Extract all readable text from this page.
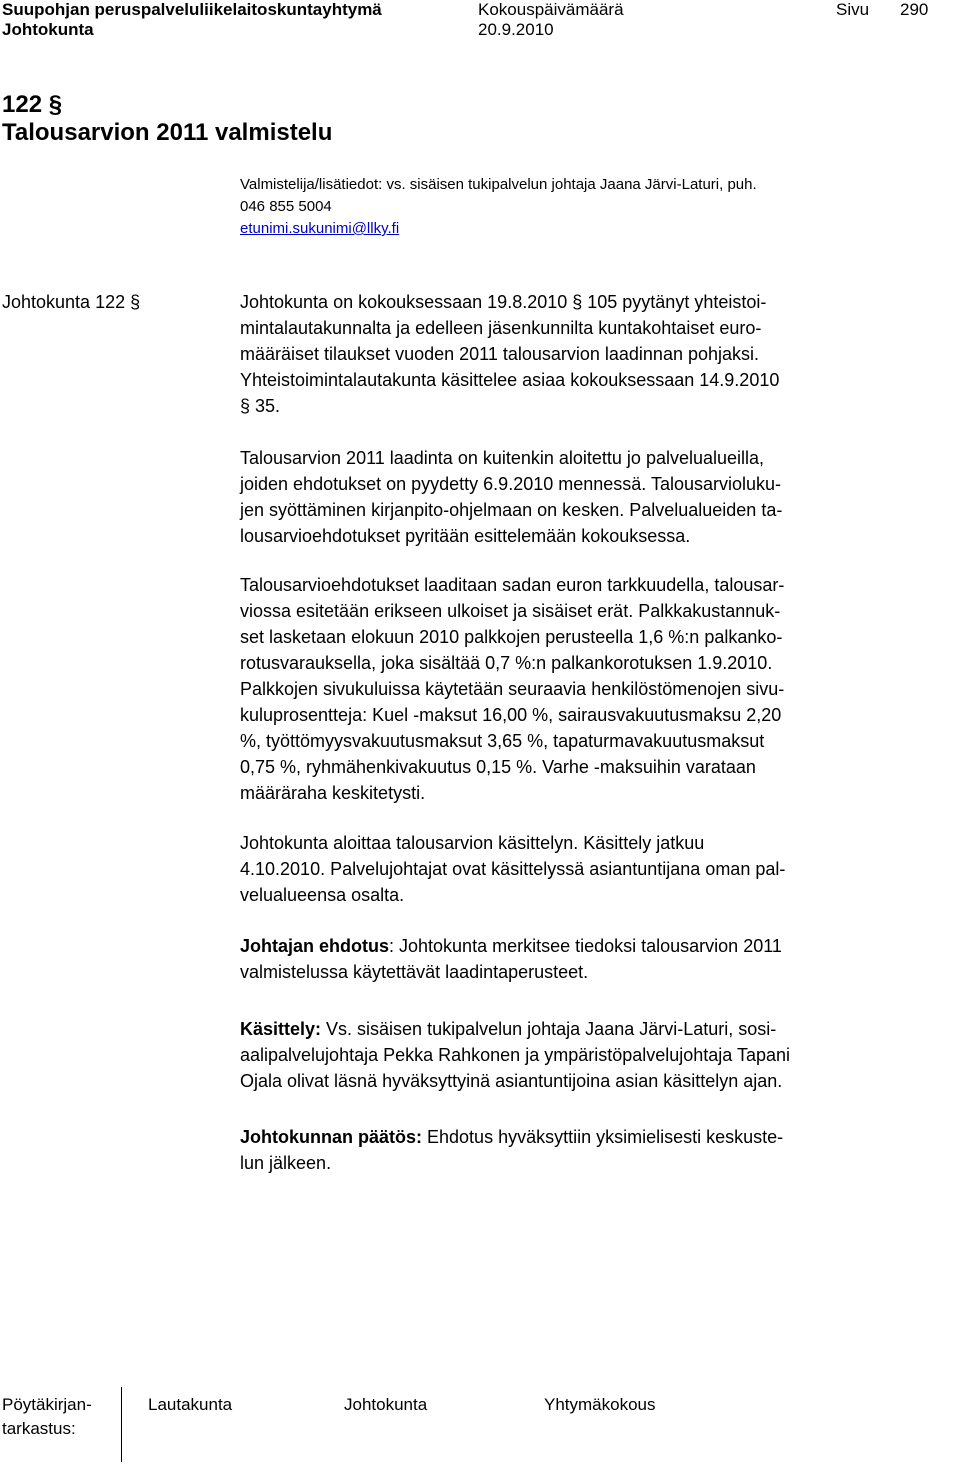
Suupohjan peruspalveluliikelaitoskuntayhtymä	Kokouspäivämäärä	Sivu 290
Johtokunta	20.9.2010
122 §
Talousarvion 2011 valmistelu
Valmistelija/lisätiedot: vs. sisäisen tukipalvelun johtaja Jaana Järvi-Laturi, puh.
046 855 5004
etunimi.sukunimi@llky.fi
Johtokunta 122 §	Johtokunta on kokouksessaan 19.8.2010 § 105 pyytänyt yhteistoi-
mintalautakunnalta ja edelleen jäsenkunnilta kuntakohtaiset euro-
määräiset tilaukset vuoden 2011 talousarvion laadinnan pohjaksi.
Yhteistoimintalautakunta käsittelee asiaa kokouksessaan 14.9.2010
§ 35.
Talousarvion 2011 laadinta on kuitenkin aloitettu jo palvelualueilla,
joiden ehdotukset on pyydetty 6.9.2010 mennessä. Talousarvioluku-
jen syöttäminen kirjanpito-ohjelmaan on kesken. Palvelualueiden ta-
lousarvioehdotukset pyritään esittelemään kokouksessa.
Talousarvioehdotukset laaditaan sadan euron tarkkuudella, talousar-
viossa esitetään erikseen ulkoiset ja sisäiset erät. Palkkakustannuk-
set lasketaan elokuun 2010 palkkojen perusteella 1,6 %:n palkanko-
rotusvarauksella, joka sisältää 0,7 %:n palkankorotuksen 1.9.2010.
Palkkojen sivukuluissa käytetään seuraavia henkilöstömenojen sivu-
kuluprosentteja: Kuel -maksut 16,00 %, sairausvakuutusmaksu 2,20
%, työttömyysvakuutusmaksut 3,65 %, tapaturmavakuutusmaksut
0,75 %, ryhmähenkivakuutus 0,15 %. Varhe -maksuihin varataan
määräraha keskitetysti.
Johtokunta aloittaa talousarvion käsittelyn. Käsittely jatkuu
4.10.2010. Palvelujohtajat ovat käsittelyssä asiantuntijana oman pal-
velualueensa osalta.
Johtajan ehdotus: Johtokunta merkitsee tiedoksi talousarvion 2011
valmistelussa käytettävät laadintaperusteet.
Käsittely: Vs. sisäisen tukipalvelun johtaja Jaana Järvi-Laturi, sosi-
aalipalvelujohtaja Pekka Rahkonen ja ympäristöpalvelujohtaja Tapani
Ojala olivat läsnä hyväksyttyinä asiantuntijoina asian käsittelyn ajan.
Johtokunnan päätös: Ehdotus hyväksyttiin yksimielisesti keskuste-
lun jälkeen.
Pöytäkirjan-
tarkastus:
Lautakunta	Johtokunta	Yhtymäkokous
